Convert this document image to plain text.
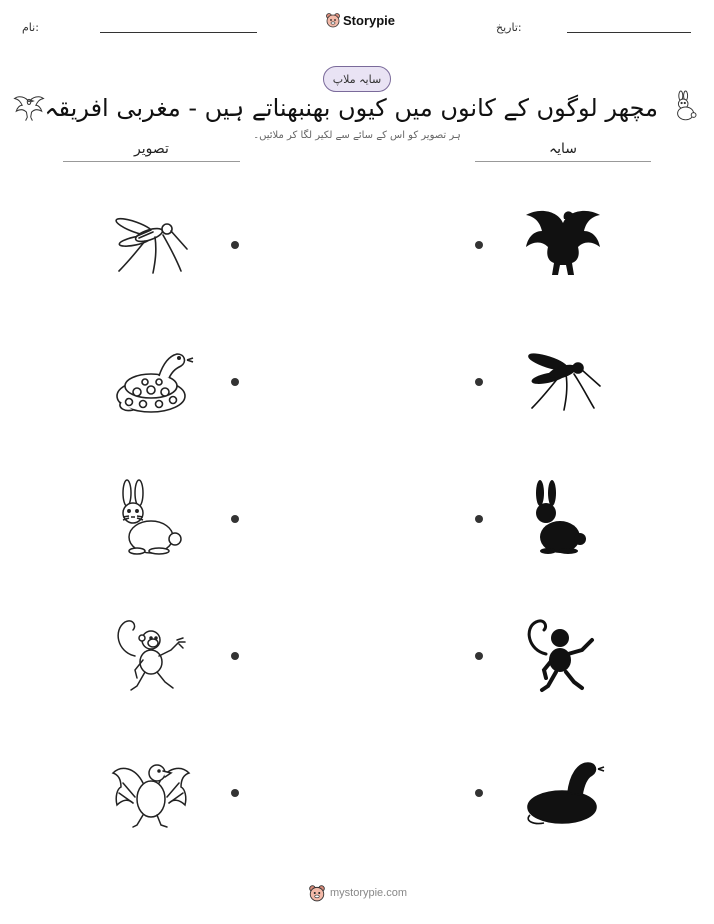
نام:	Storypie	تاریخ:
سایہ ملاپ
مچھر لوگوں کے کانوں میں کیوں بھنبھناتے ہیں - مغربی افریقہ
ہر تصویر کو اس کے سائے سے لکیر لگا کر ملائیں۔
تصویر	سایہ
mystorypie.com
